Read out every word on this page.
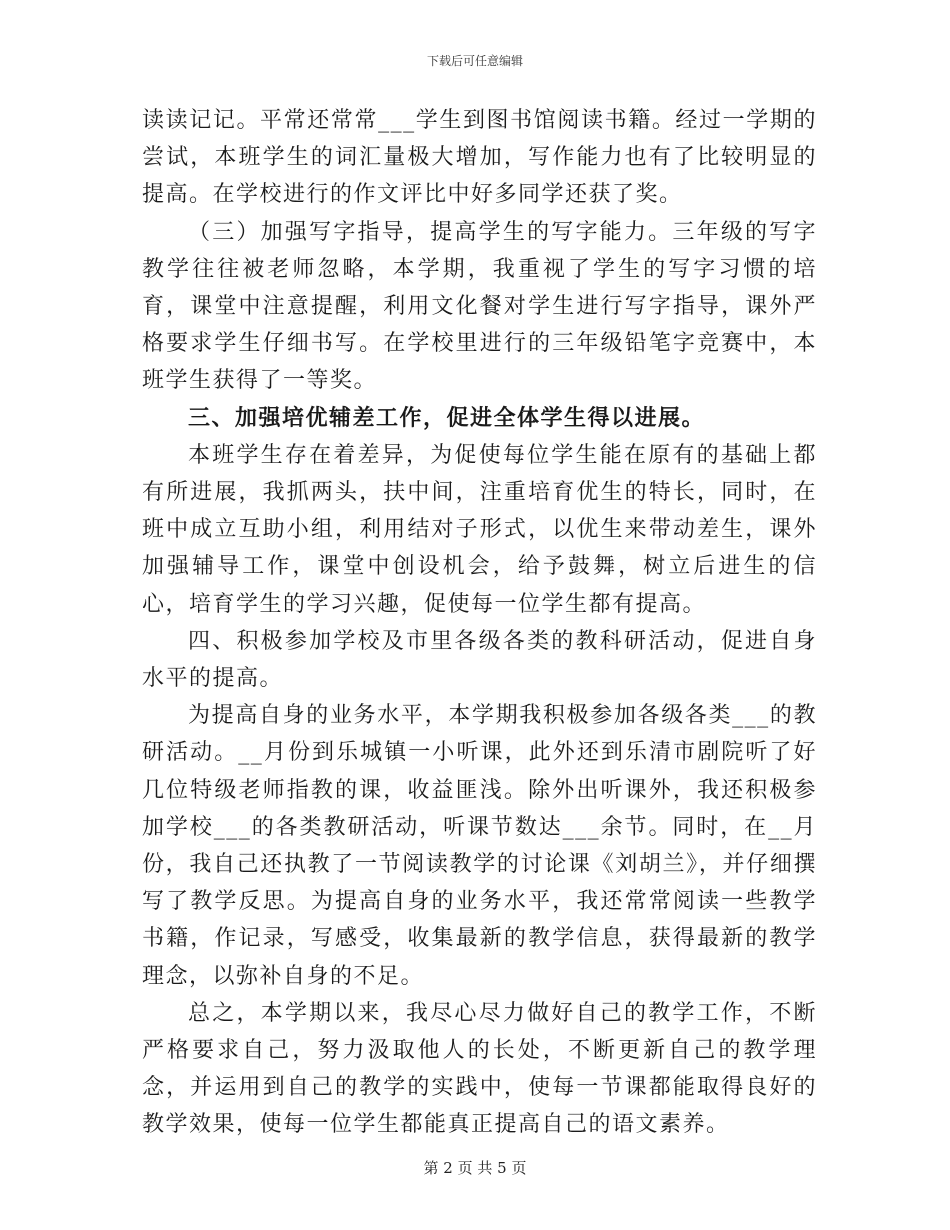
下载后可任意编辑

读读记记。平常还常常___学生到图书馆阅读书籍。经过一学期的尝试，本班学生的词汇量极大增加，写作能力也有了比较明显的提高。在学校进行的作文评比中好多同学还获了奖。

（三）加强写字指导，提高学生的写字能力。三年级的写字教学往往被老师忽略，本学期，我重视了学生的写字习惯的培育，课堂中注意提醒，利用文化餐对学生进行写字指导，课外严格要求学生仔细书写。在学校里进行的三年级铅笔字竞赛中，本班学生获得了一等奖。

三、加强培优辅差工作，促进全体学生得以进展。

本班学生存在着差异，为促使每位学生能在原有的基础上都有所进展，我抓两头，扶中间，注重培育优生的特长，同时，在班中成立互助小组，利用结对子形式，以优生来带动差生，课外加强辅导工作，课堂中创设机会，给予鼓舞，树立后进生的信心，培育学生的学习兴趣，促使每一位学生都有提高。

四、积极参加学校及市里各级各类的教科研活动，促进自身水平的提高。

为提高自身的业务水平，本学期我积极参加各级各类___的教研活动。__月份到乐城镇一小听课，此外还到乐清市剧院听了好几位特级老师指教的课，收益匪浅。除外出听课外，我还积极参加学校___的各类教研活动，听课节数达___余节。同时，在__月份，我自己还执教了一节阅读教学的讨论课《刘胡兰》，并仔细撰写了教学反思。为提高自身的业务水平，我还常常阅读一些教学书籍，作记录，写感受，收集最新的教学信息，获得最新的教学理念，以弥补自身的不足。

总之，本学期以来，我尽心尽力做好自己的教学工作，不断严格要求自己，努力汲取他人的长处，不断更新自己的教学理念，并运用到自己的教学的实践中，使每一节课都能取得良好的教学效果，使每一位学生都能真正提高自己的语文素养。

第 2 页 共 5 页
